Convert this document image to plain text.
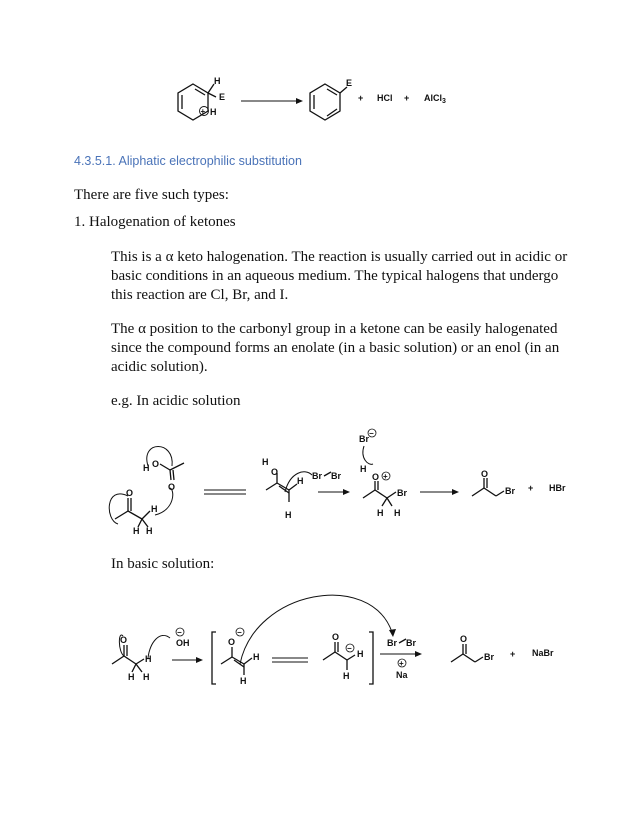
H
E
+ H
E
+ HCl + AlCl$_3$
4.3.5.1. Aliphatic electrophilic substitution
There are five such types:
1. Halogenation of ketones
This is a α keto halogenation. The reaction is usually carried out in acidic or basic conditions in an aqueous medium. The typical halogens that undergo this reaction are Cl, Br, and I.
The α position to the carbonyl group in a ketone can be easily halogenated since the compound forms an enolate (in a basic solution) or an enol (in an acidic solution).
e.g. In acidic solution
H O
O
O
H
H H
H
O
H
H
Br Br
Br
−
H
O +
Br
H H
O
Br + HBr
In basic solution:
O
H
H H
OH
−
O
−
H
H
O
−
H
H
Br Br
+
Na
O
Br + NaBr
